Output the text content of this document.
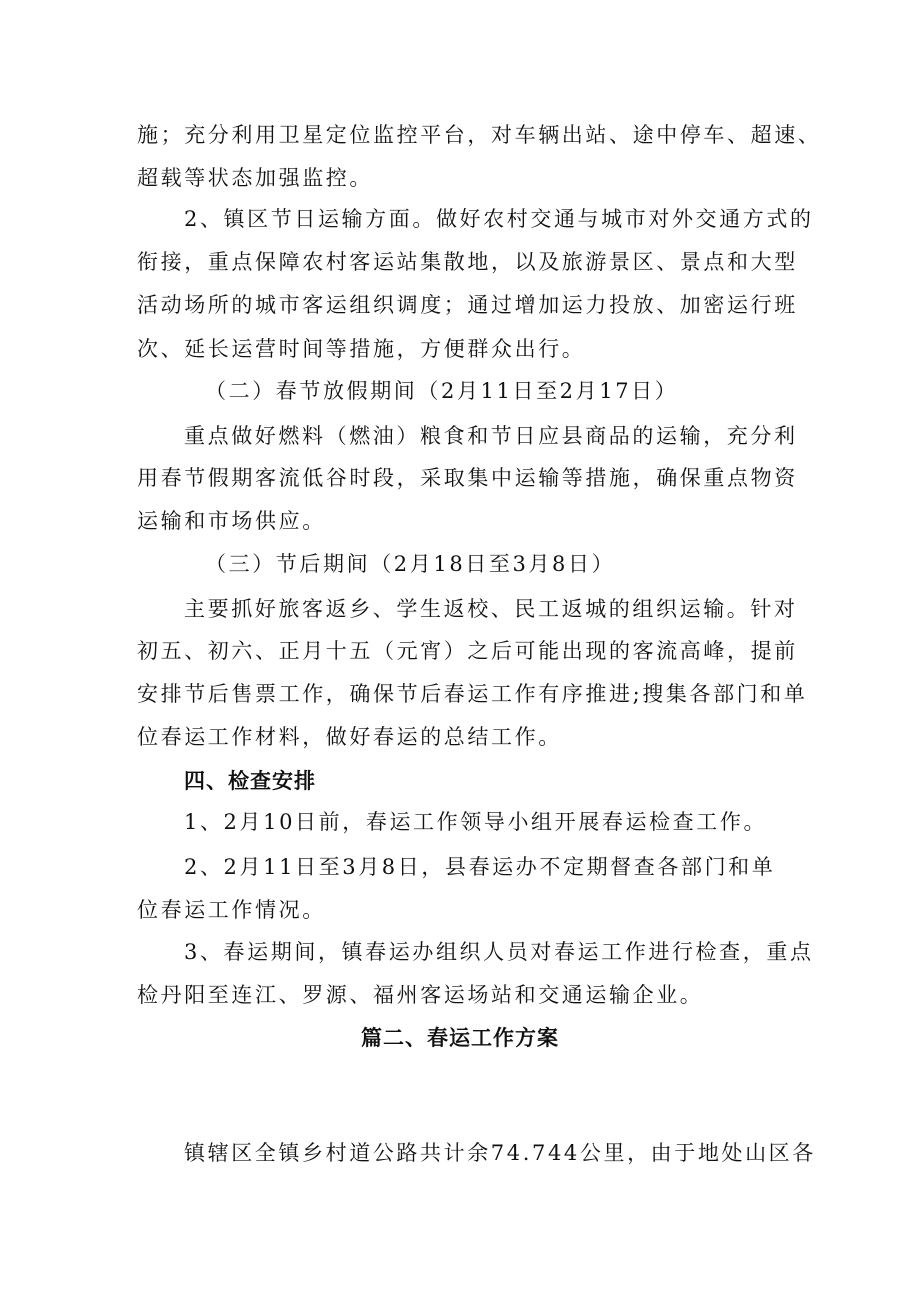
施；充分利用卫星定位监控平台，对车辆出站、途中停车、超速、
超载等状态加强监控。
2、镇区节日运输方面。做好农村交通与城市对外交通方式的
衔接，重点保障农村客运站集散地，以及旅游景区、景点和大型
活动场所的城市客运组织调度；通过增加运力投放、加密运行班
次、延长运营时间等措施，方便群众出行。
（二）春节放假期间（2月11日至2月17日）
重点做好燃料（燃油）粮食和节日应县商品的运输，充分利
用春节假期客流低谷时段，采取集中运输等措施，确保重点物资
运输和市场供应。
（三）节后期间（2月18日至3月8日）
主要抓好旅客返乡、学生返校、民工返城的组织运输。针对
初五、初六、正月十五（元宵）之后可能出现的客流高峰，提前
安排节后售票工作，确保节后春运工作有序推进;搜集各部门和单
位春运工作材料，做好春运的总结工作。
四、检查安排
1、2月10日前，春运工作领导小组开展春运检查工作。
2、2月11日至3月8日，县春运办不定期督查各部门和单
位春运工作情况。
3、春运期间，镇春运办组织人员对春运工作进行检查，重点
检丹阳至连江、罗源、福州客运场站和交通运输企业。
篇二、春运工作方案
镇辖区全镇乡村道公路共计余74.744公里，由于地处山区各
